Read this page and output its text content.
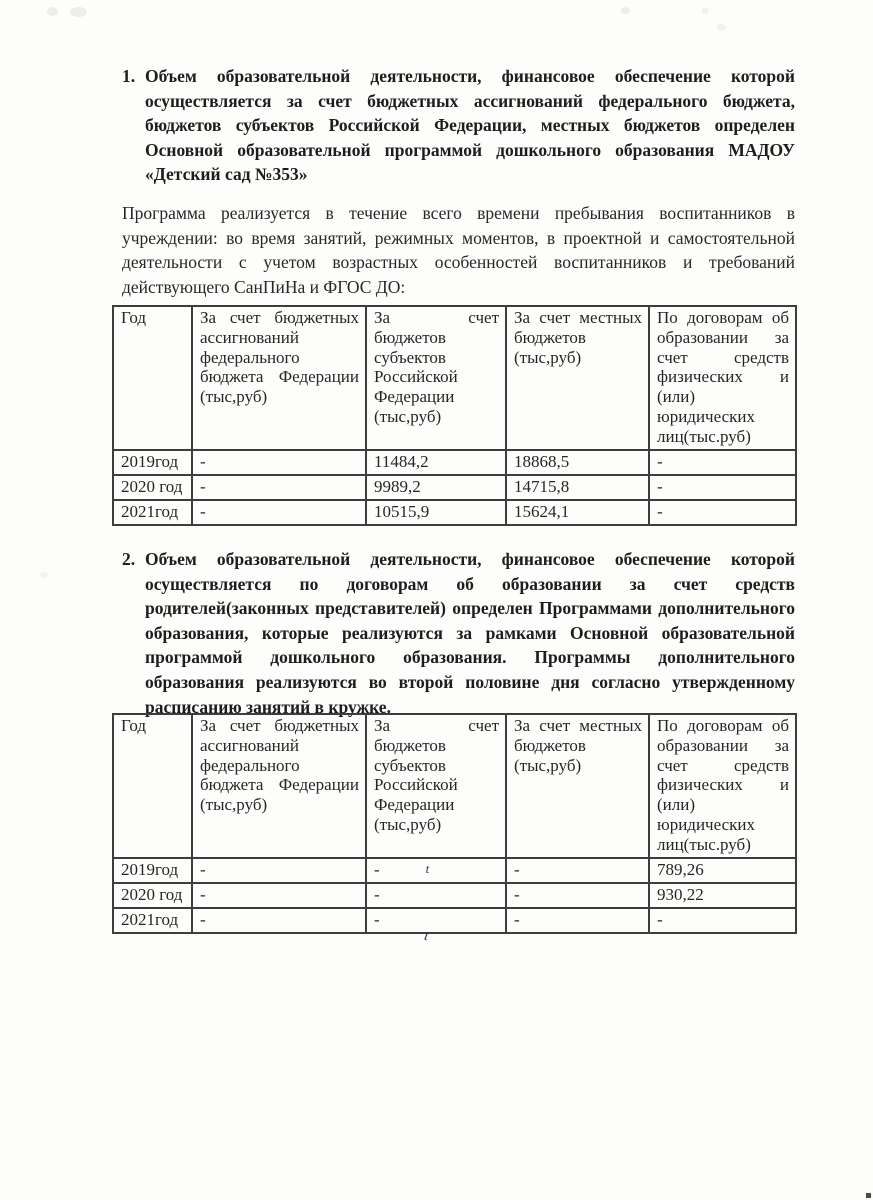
1. Объем образовательной деятельности, финансовое обеспечение которой осуществляется за счет бюджетных ассигнований федерального бюджета, бюджетов субъектов Российской Федерации, местных бюджетов определен Основной образовательной программой дошкольного образования МАДОУ «Детский сад №353»
Программа реализуется в течение всего времени пребывания воспитанников в учреждении: во время занятий, режимных моментов, в проектной и самостоятельной деятельности с учетом возрастных особенностей воспитанников и требований действующего СанПиНа и ФГОС ДО:
Год	За счет бюджетных ассигнований федерального бюджета Федерации (тыс,руб)	За счет бюджетов субъектов Российской Федерации (тыс,руб)	За счет местных бюджетов (тыс,руб)	По договорам об образовании за счет средств физических и (или) юридических лиц(тыс.руб)
2019год	-	11484,2	18868,5	-
2020 год	-	9989,2	14715,8	-
2021год	-	10515,9	15624,1	-
2. Объем образовательной деятельности, финансовое обеспечение которой осуществляется по договорам об образовании за счет средств родителей(законных представителей) определен Программами дополнительного образования, которые реализуются за рамками Основной образовательной программой дошкольного образования. Программы дополнительного образования реализуются во второй половине дня согласно утвержденному расписанию занятий в кружке.
Год	За счет бюджетных ассигнований федерального бюджета Федерации (тыс,руб)	За счет бюджетов субъектов Российской Федерации (тыс,руб)	За счет местных бюджетов (тыс,руб)	По договорам об образовании за счет средств физических и (или) юридических лиц(тыс.руб)
2019год	-	- t	-	789,26
2020 год	-	-	-	930,22
2021год	-	-	-	-
ι
